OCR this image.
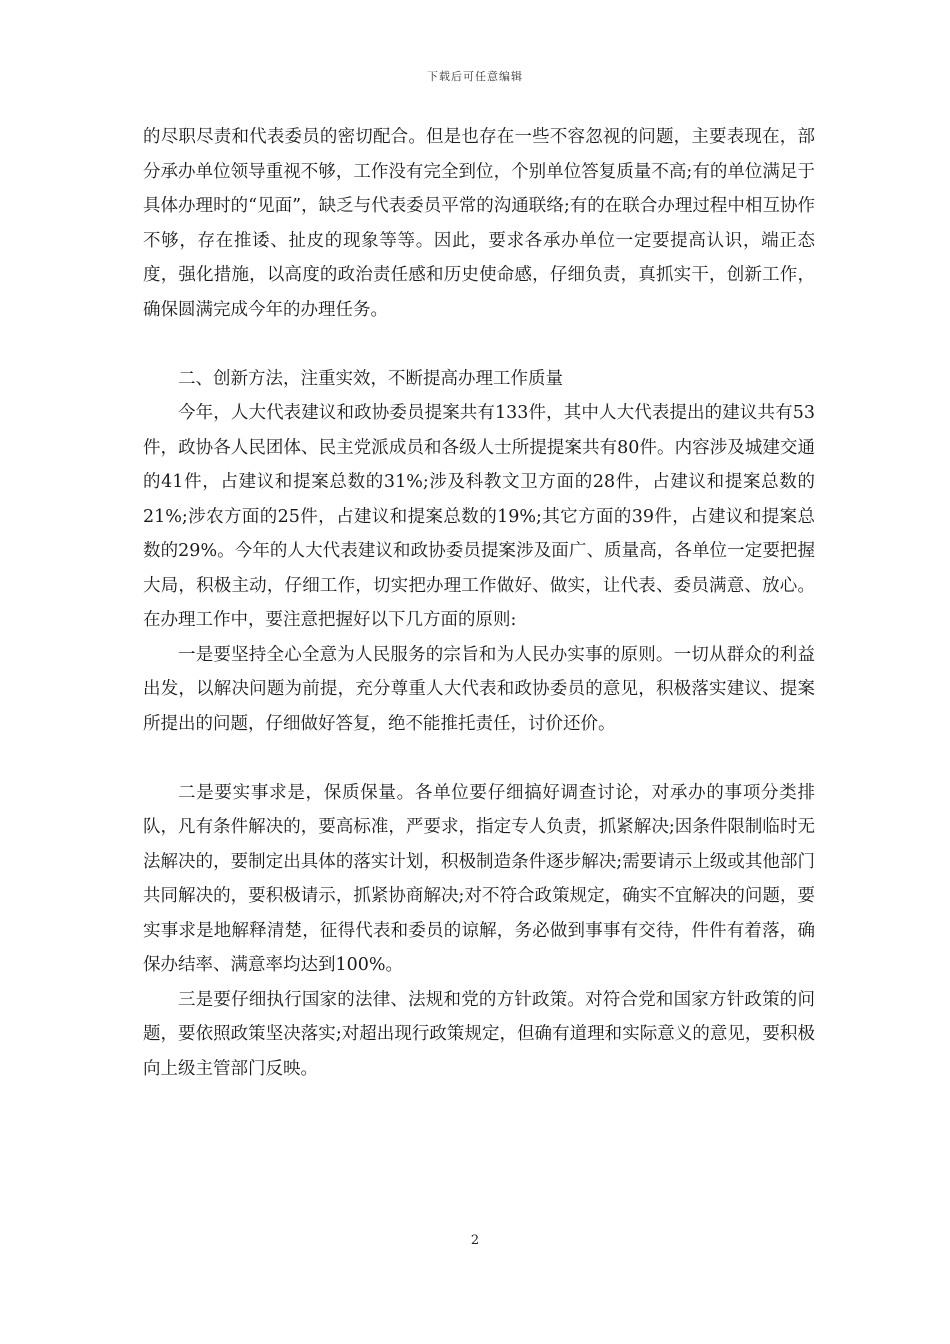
下载后可任意编辑

的尽职尽责和代表委员的密切配合。但是也存在一些不容忽视的问题，主要表现在，部分承办单位领导重视不够，工作没有完全到位，个别单位答复质量不高;有的单位满足于具体办理时的“见面”，缺乏与代表委员平常的沟通联络;有的在联合办理过程中相互协作不够，存在推诿、扯皮的现象等等。因此，要求各承办单位一定要提高认识，端正态度，强化措施，以高度的政治责任感和历史使命感，仔细负责，真抓实干，创新工作，确保圆满完成今年的办理任务。

二、创新方法，注重实效，不断提高办理工作质量

今年，人大代表建议和政协委员提案共有133件，其中人大代表提出的建议共有53件，政协各人民团体、民主党派成员和各级人士所提提案共有80件。内容涉及城建交通的41件，占建议和提案总数的31%;涉及科教文卫方面的28件，占建议和提案总数的21%;涉农方面的25件，占建议和提案总数的19%;其它方面的39件，占建议和提案总数的29%。今年的人大代表建议和政协委员提案涉及面广、质量高，各单位一定要把握大局，积极主动，仔细工作，切实把办理工作做好、做实，让代表、委员满意、放心。在办理工作中，要注意把握好以下几方面的原则:

一是要坚持全心全意为人民服务的宗旨和为人民办实事的原则。一切从群众的利益出发，以解决问题为前提，充分尊重人大代表和政协委员的意见，积极落实建议、提案所提出的问题，仔细做好答复，绝不能推托责任，讨价还价。

二是要实事求是，保质保量。各单位要仔细搞好调查讨论，对承办的事项分类排队，凡有条件解决的，要高标准，严要求，指定专人负责，抓紧解决;因条件限制临时无法解决的，要制定出具体的落实计划，积极制造条件逐步解决;需要请示上级或其他部门共同解决的，要积极请示，抓紧协商解决;对不符合政策规定，确实不宜解决的问题，要实事求是地解释清楚，征得代表和委员的谅解，务必做到事事有交待，件件有着落，确保办结率、满意率均达到100%。

三是要仔细执行国家的法律、法规和党的方针政策。对符合党和国家方针政策的问题，要依照政策坚决落实;对超出现行政策规定，但确有道理和实际意义的意见，要积极向上级主管部门反映。

2
